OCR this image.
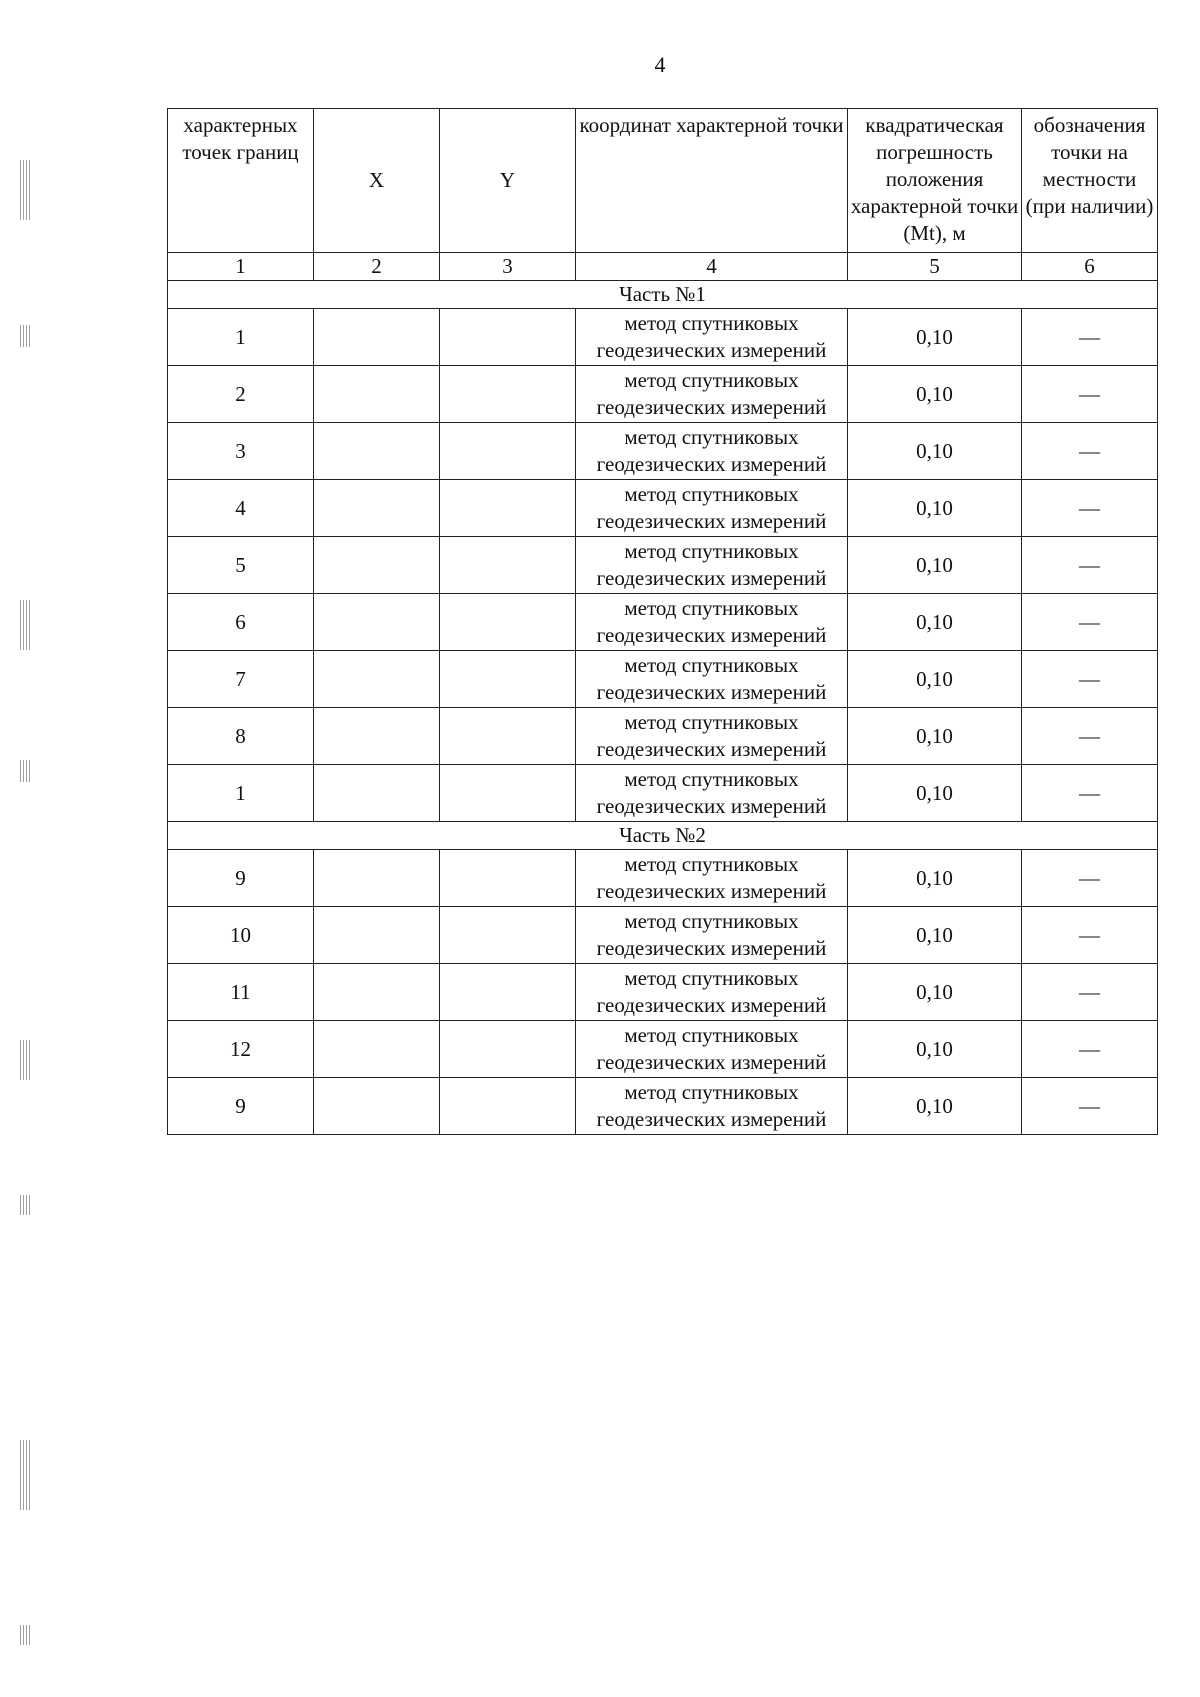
4
характерных точек границ	X	Y	координат характерной точки	квадратическая погрешность положения характерной точки (Mt), м	обозначения точки на местности (при наличии)
1	2	3	4	5	6
Часть №1					
1			метод спутниковых геодезических измерений	0,10	—
2			метод спутниковых геодезических измерений	0,10	—
3			метод спутниковых геодезических измерений	0,10	—
4			метод спутниковых геодезических измерений	0,10	—
5			метод спутниковых геодезических измерений	0,10	—
6			метод спутниковых геодезических измерений	0,10	—
7			метод спутниковых геодезических измерений	0,10	—
8			метод спутниковых геодезических измерений	0,10	—
1			метод спутниковых геодезических измерений	0,10	—
Часть №2					
9			метод спутниковых геодезических измерений	0,10	—
10			метод спутниковых геодезических измерений	0,10	—
11			метод спутниковых геодезических измерений	0,10	—
12			метод спутниковых геодезических измерений	0,10	—
9			метод спутниковых геодезических измерений	0,10	—
